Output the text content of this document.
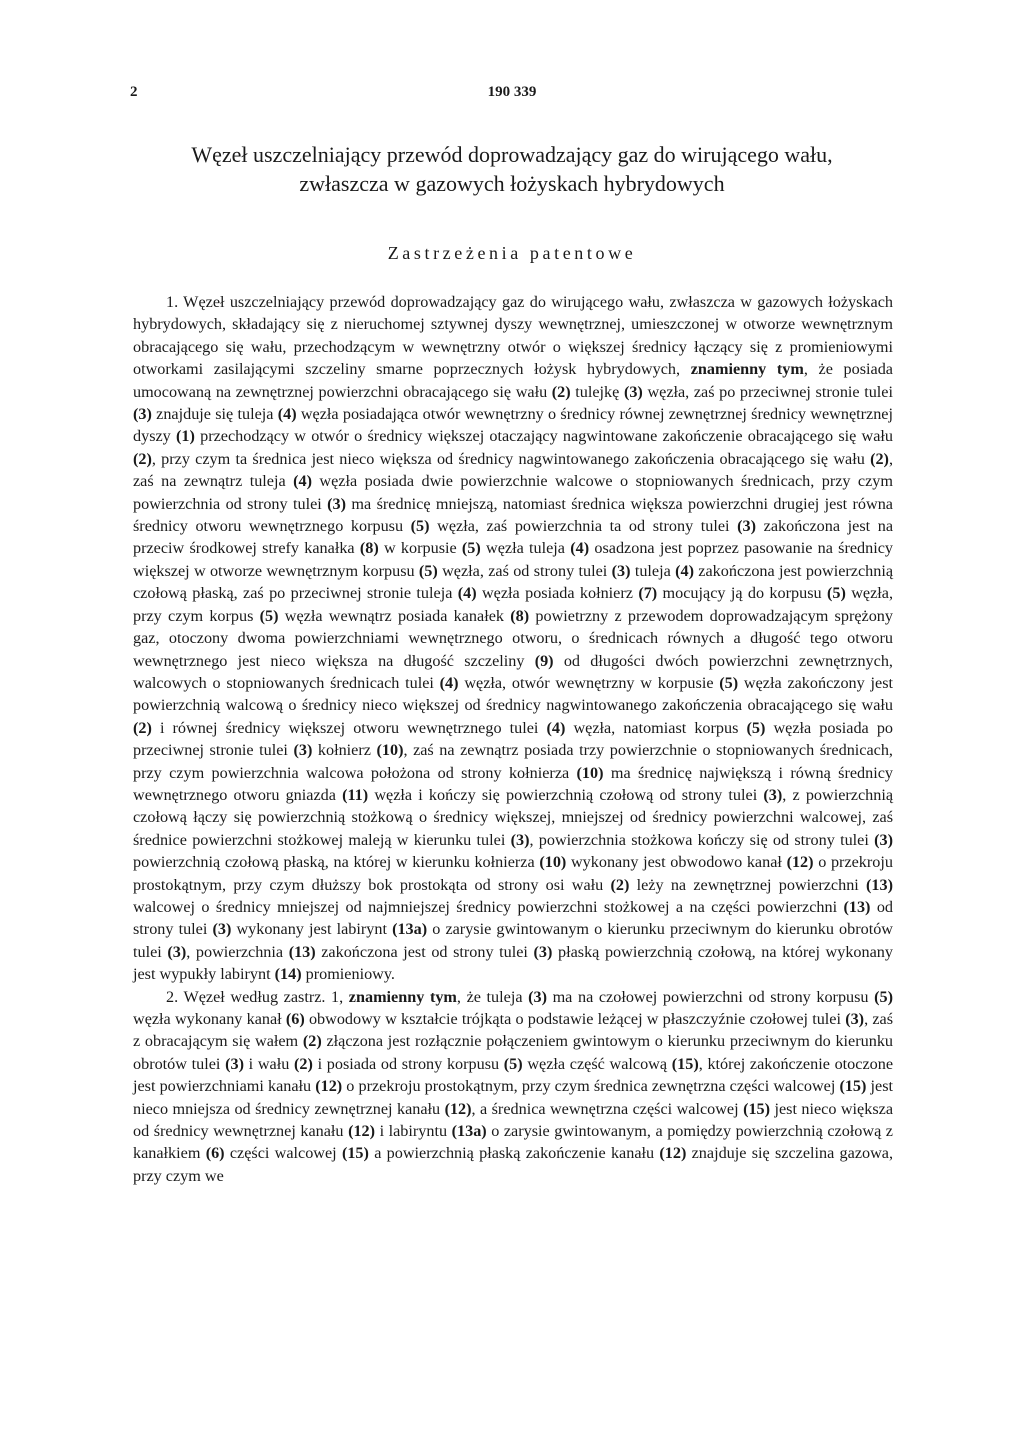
2	190 339
Węzeł uszczelniający przewód doprowadzający gaz do wirującego wału,
zwłaszcza w gazowych łożyskach hybrydowych
Zastrzeżenia patentowe

1. Węzeł uszczelniający przewód doprowadzający gaz do wirującego wału, zwłaszcza w gazowych łożyskach hybrydowych, składający się z nieruchomej sztywnej dyszy wewnętrznej, umieszczonej w otworze wewnętrznym obracającego się wału, przechodzącym w wewnętrzny otwór o większej średnicy łączący się z promieniowymi otworkami zasilającymi szczeliny smarne poprzecznych łożysk hybrydowych, znamienny tym, że posiada umocowaną na zewnętrznej powierzchni obracającego się wału (2) tulejkę (3) węzła, zaś po przeciwnej stronie tulei (3) znajduje się tuleja (4) węzła posiadająca otwór wewnętrzny o średnicy równej zewnętrznej średnicy wewnętrznej dyszy (1) przechodzący w otwór o średnicy większej otaczający nagwintowane zakończenie obracającego się wału (2), przy czym ta średnica jest nieco większa od średnicy nagwintowanego zakończenia obracającego się wału (2), zaś na zewnątrz tuleja (4) węzła posiada dwie powierzchnie walcowe o stopniowanych średnicach, przy czym powierzchnia od strony tulei (3) ma średnicę mniejszą, natomiast średnica większa powierzchni drugiej jest równa średnicy otworu wewnętrznego korpusu (5) węzła, zaś powierzchnia ta od strony tulei (3) zakończona jest na przeciw środkowej strefy kanałka (8) w korpusie (5) węzła tuleja (4) osadzona jest poprzez pasowanie na średnicy większej w otworze wewnętrznym korpusu (5) węzła, zaś od strony tulei (3) tuleja (4) zakończona jest powierzchnią czołową płaską, zaś po przeciwnej stronie tuleja (4) węzła posiada kołnierz (7) mocujący ją do korpusu (5) węzła, przy czym korpus (5) węzła wewnątrz posiada kanałek (8) powietrzny z przewodem doprowadzającym sprężony gaz, otoczony dwoma powierzchniami wewnętrznego otworu, o średnicach równych a długość tego otworu wewnętrznego jest nieco większa na długość szczeliny (9) od długości dwóch powierzchni zewnętrznych, walcowych o stopniowanych średnicach tulei (4) węzła, otwór wewnętrzny w korpusie (5) węzła zakończony jest powierzchnią walcową o średnicy nieco większej od średnicy nagwintowanego zakończenia obracającego się wału (2) i równej średnicy większej otworu wewnętrznego tulei (4) węzła, natomiast korpus (5) węzła posiada po przeciwnej stronie tulei (3) kołnierz (10), zaś na zewnątrz posiada trzy powierzchnie o stopniowanych średnicach, przy czym powierzchnia walcowa położona od strony kołnierza (10) ma średnicę największą i równą średnicy wewnętrznego otworu gniazda (11) węzła i kończy się powierzchnią czołową od strony tulei (3), z powierzchnią czołową łączy się powierzchnią stożkową o średnicy większej, mniejszej od średnicy powierzchni walcowej, zaś średnice powierzchni stożkowej maleją w kierunku tulei (3), powierzchnia stożkowa kończy się od strony tulei (3) powierzchnią czołową płaską, na której w kierunku kołnierza (10) wykonany jest obwodowo kanał (12) o przekroju prostokątnym, przy czym dłuższy bok prostokąta od strony osi wału (2) leży na zewnętrznej powierzchni (13) walcowej o średnicy mniejszej od najmniejszej średnicy powierzchni stożkowej a na części powierzchni (13) od strony tulei (3) wykonany jest labirynt (13a) o zarysie gwintowanym o kierunku przeciwnym do kierunku obrotów tulei (3), powierzchnia (13) zakończona jest od strony tulei (3) płaską powierzchnią czołową, na której wykonany jest wypukły labirynt (14) promieniowy.

2. Węzeł według zastrz. 1, znamienny tym, że tuleja (3) ma na czołowej powierzchni od strony korpusu (5) węzła wykonany kanał (6) obwodowy w kształcie trójkąta o podstawie leżącej w płaszczyźnie czołowej tulei (3), zaś z obracającym się wałem (2) złączona jest rozłącznie połączeniem gwintowym o kierunku przeciwnym do kierunku obrotów tulei (3) i wału (2) i posiada od strony korpusu (5) węzła część walcową (15), której zakończenie otoczone jest powierzchniami kanału (12) o przekroju prostokątnym, przy czym średnica zewnętrzna części walcowej (15) jest nieco mniejsza od średnicy zewnętrznej kanału (12), a średnica wewnętrzna części walcowej (15) jest nieco większa od średnicy wewnętrznej kanału (12) i labiryntu (13a) o zarysie gwintowanym, a pomiędzy powierzchnią czołową z kanałkiem (6) części walcowej (15) a powierzchnią płaską zakończenie kanału (12) znajduje się szczelina gazowa, przy czym we
